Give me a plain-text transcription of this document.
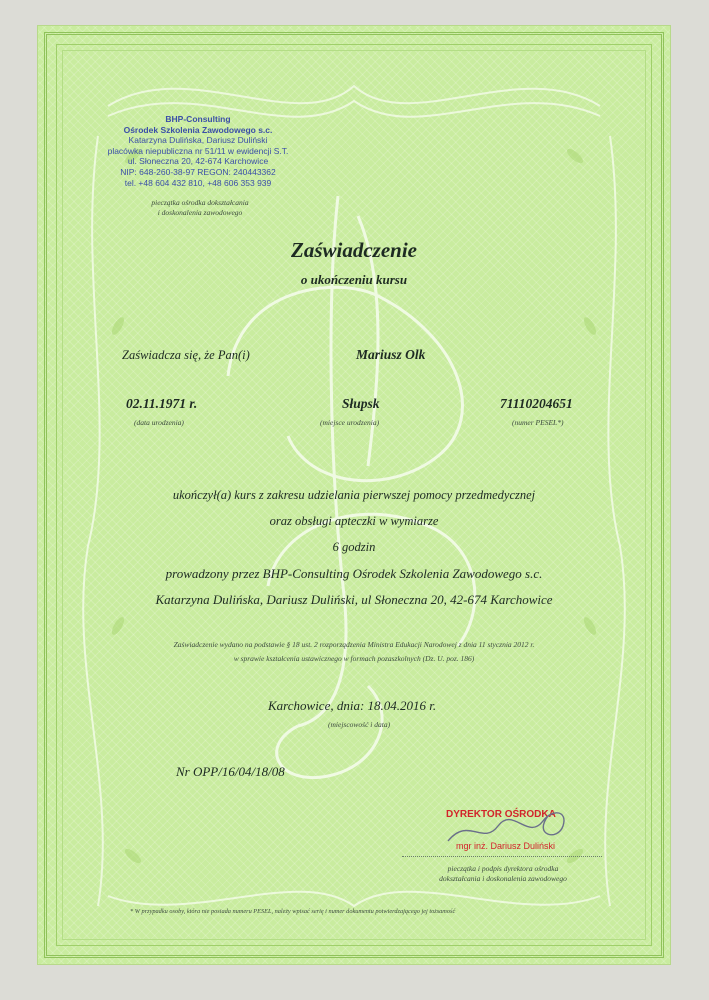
BHP-Consulting
Ośrodek Szkolenia Zawodowego s.c.
Katarzyna Dulińska, Dariusz Duliński
placówka niepubliczna nr 51/11 w ewidencji S.T.
ul. Słoneczna 20, 42-674 Karchowice
NIP: 648-260-38-97 REGON: 240443362
tel. +48 604 432 810, +48 606 353 939
pieczątka ośrodka dokształcania
i doskonalenia zawodowego
Zaświadczenie
o ukończeniu kursu
Zaświadcza się, że Pan(i)	Mariusz Olk
02.11.1971 r.
(data urodzenia)
Słupsk
(miejsce urodzenia)
71110204651
(numer PESEL*)
ukończył(a) kurs z zakresu udzielania pierwszej pomocy przedmedycznej
oraz obsługi apteczki w wymiarze
6 godzin
prowadzony przez BHP-Consulting Ośrodek Szkolenia Zawodowego s.c.
Katarzyna Dulińska, Dariusz Duliński, ul Słoneczna 20, 42-674 Karchowice
Zaświadczenie wydano na podstawie § 18 ust. 2 rozporządzenia Ministra Edukacji Narodowej z dnia 11 stycznia 2012 r.
w sprawie kształcenia ustawicznego w formach pozaszkolnych (Dz. U. poz. 186)
Karchowice, dnia: 18.04.2016 r.
(miejscowość i data)
Nr OPP/16/04/18/08
DYREKTOR OŚRODKA
mgr inż. Dariusz Duliński
pieczątka i podpis dyrektora ośrodka
dokształcania i doskonalenia zawodowego
* W przypadku osoby, która nie posiada numeru PESEL, należy wpisać serię i numer dokumentu potwierdzającego jej tożsamość
